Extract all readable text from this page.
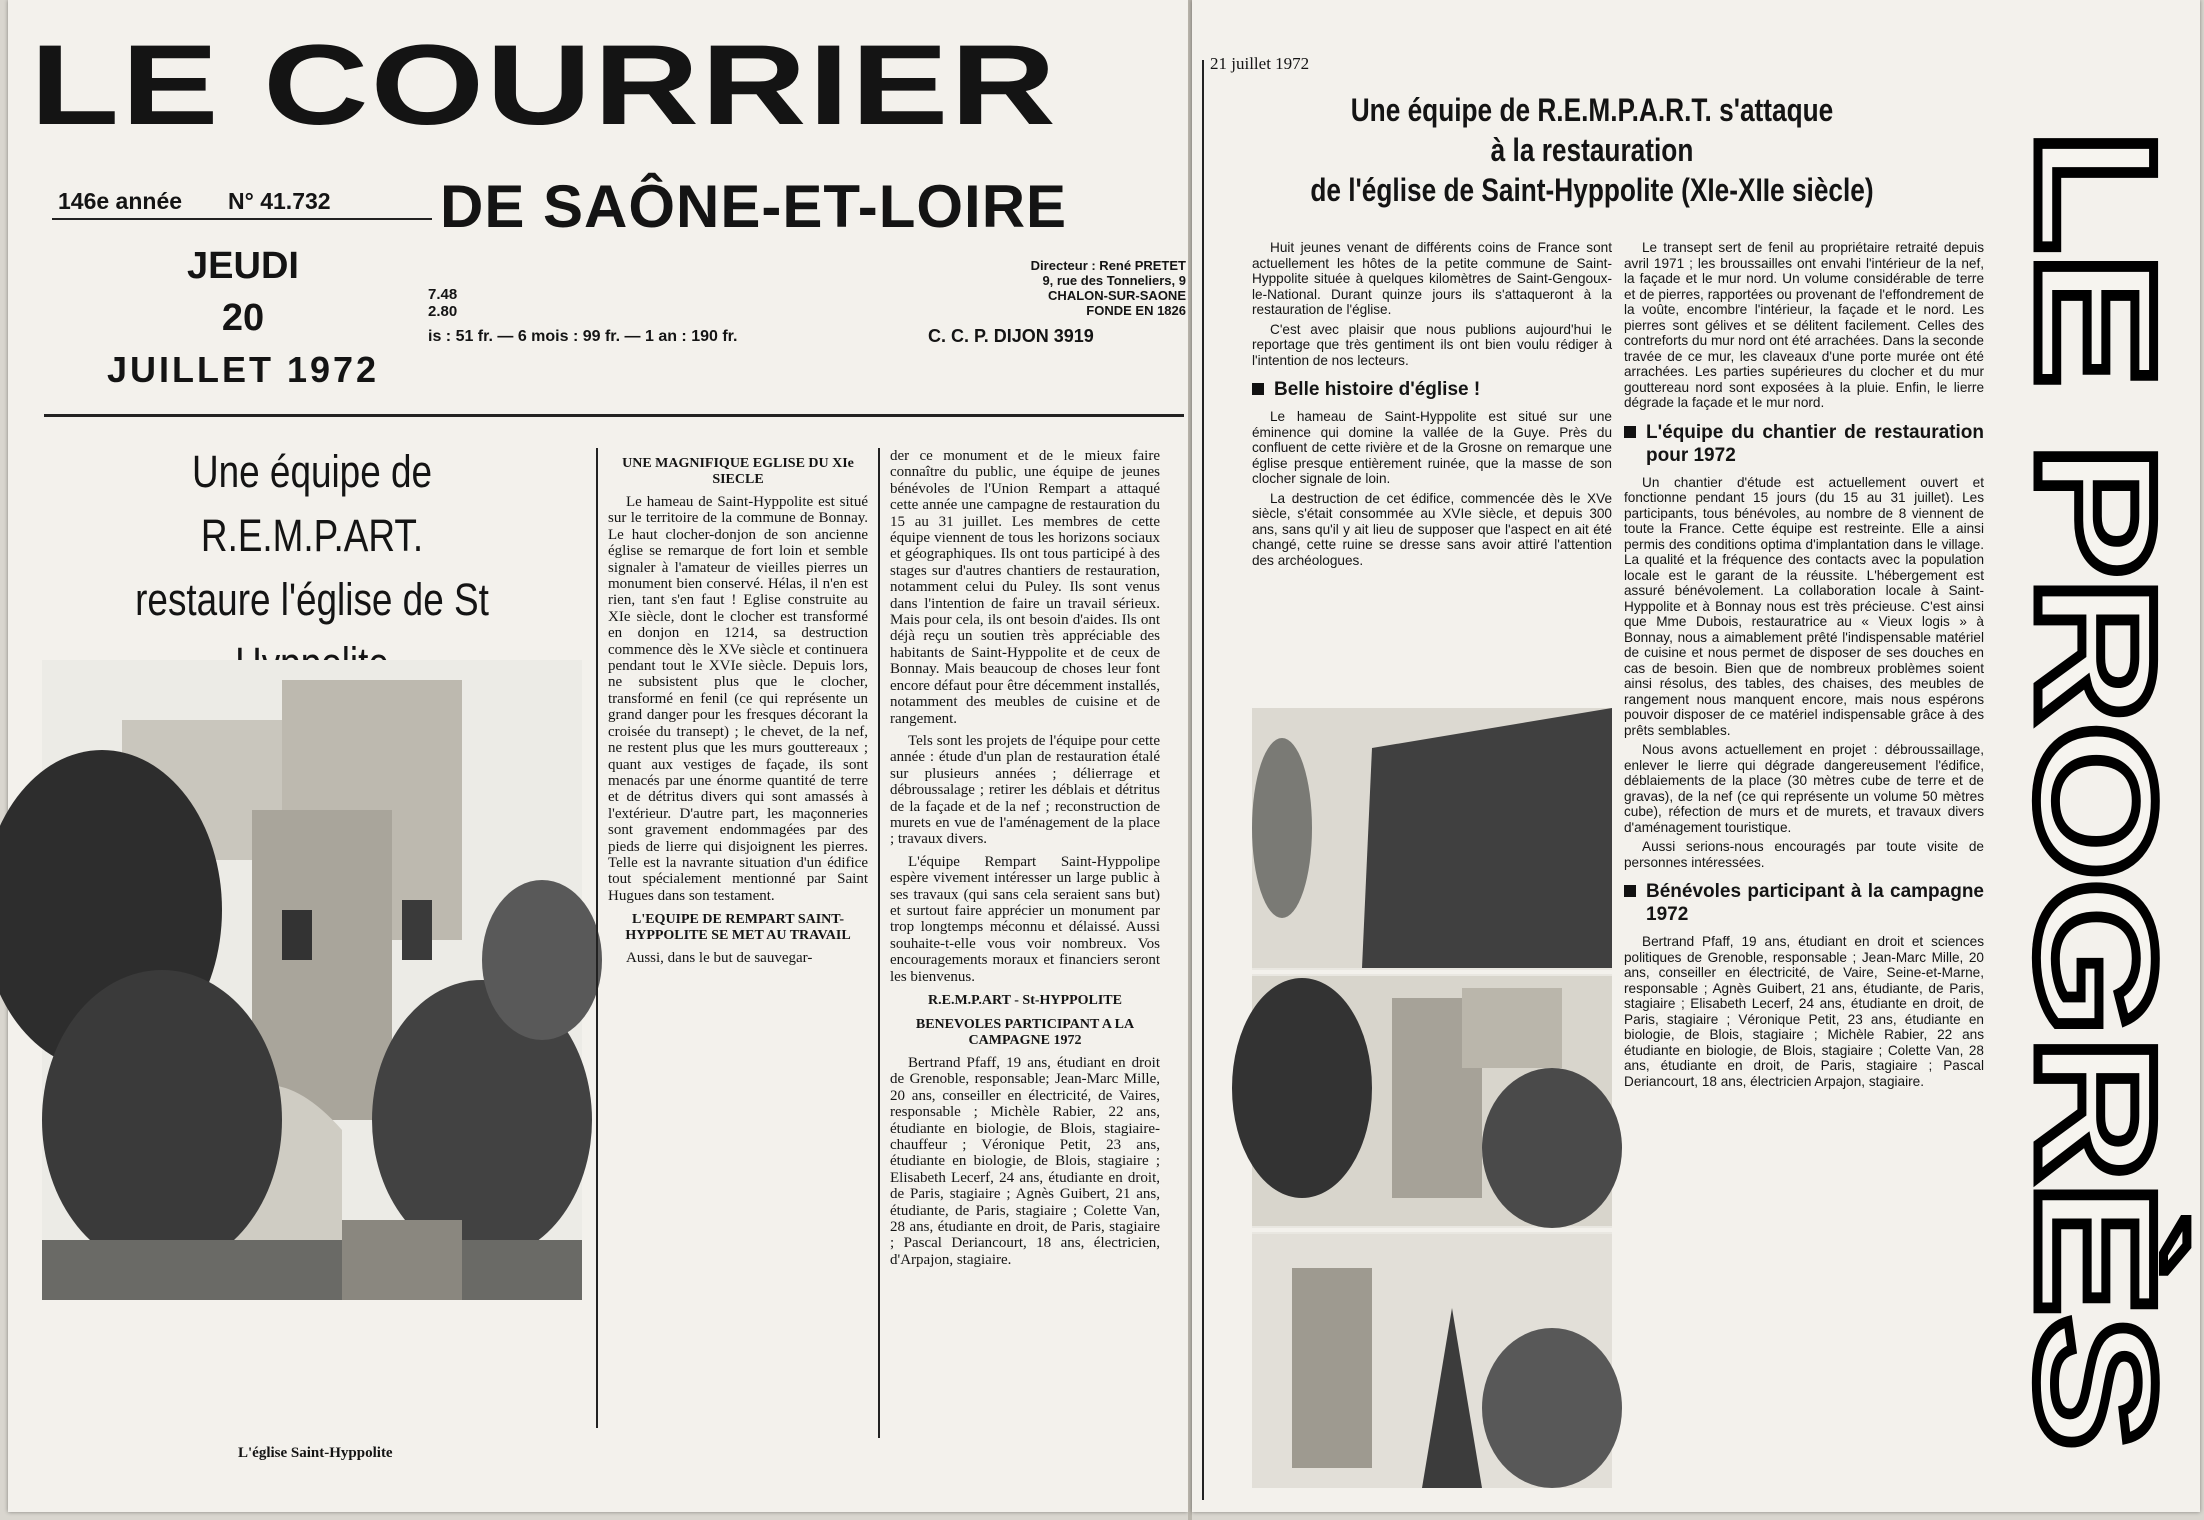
LE COURRIER
146e année N° 41.732 DE SAÔNE-ET-LOIRE
JEUDI
20
JUILLET 1972
7.48
2.80
is : 51 fr. — 6 mois : 99 fr. — 1 an : 190 fr.
Directeur : René PRETET
9, rue des Tonneliers, 9
CHALON-SUR-SAONE
FONDE EN 1826
C. C. P. DIJON 3919
Une équipe de R.E.M.P.ART.
restaure l'église de St
L'église Saint-Hyppolite
UNE MAGNIFIQUE EGLISE DU XIe SIECLE

Le hameau de Saint-Hyppolite est situé sur le territoire de la commune de Bonnay. Le haut clocher-donjon de son ancienne église se remarque de fort loin et semble signaler à l'amateur de vieilles pierres un monument bien conservé. Hélas, il n'en est rien, tant s'en faut ! Eglise construite au XIe siècle, dont le clocher est transformé en donjon en 1214, sa destruction commence dès le XVe siècle et continuera pendant tout le XVIe siècle. Depuis lors, ne subsistent plus que le clocher, transformé en fenil (ce qui représente un grand danger pour les fresques décorant la croisée du transept) ; le chevet, de la nef, ne restent plus que les murs gouttereaux ; quant aux vestiges de façade, ils sont menacés par une énorme quantité de terre et de détritus divers qui sont amassés à l'extérieur. D'autre part, les maçonneries sont gravement endommagées par des pieds de lierre qui disjoignent les pierres. Telle est la navrante situation d'un édifice tout spécialement mentionné par Saint Hugues dans son testament.

L'EQUIPE DE REMPART SAINT-HYPPOLITE SE MET AU TRAVAIL

Aussi, dans le but de sauvegar-

der ce monument et de le mieux faire connaître du public, une équipe de jeunes bénévoles de l'Union Rempart a attaqué cette année une campagne de restauration du 15 au 31 juillet. Les membres de cette équipe viennent de tous les horizons sociaux et géographiques. Ils ont tous participé à des stages sur d'autres chantiers de restauration, notamment celui du Puley. Ils sont venus dans l'intention de faire un travail sérieux. Mais pour cela, ils ont besoin d'aides. Ils ont déjà reçu un soutien très appréciable des habitants de Saint-Hyppolite et de ceux de Bonnay. Mais beaucoup de choses leur font encore défaut pour être décemment installés, notamment des meubles de cuisine et de rangement.

Tels sont les projets de l'équipe pour cette année : étude d'un plan de restauration étalé sur plusieurs années ; délierrage et débroussalage ; retirer les déblais et détritus de la façade et de la nef ; reconstruction de murets en vue de l'aménagement de la place ; travaux divers.

L'équipe Rempart Saint-Hyppolipe espère vivement intéresser un large public à ses travaux (qui sans cela seraient sans but) et surtout faire apprécier un monument par trop longtemps méconnu et délaissé. Aussi souhaite-t-elle vous voir nombreux. Vos encouragements moraux et financiers seront les bienvenus.

R.E.M.P.ART - St-HYPPOLITE
BENEVOLES PARTICIPANT A LA CAMPAGNE 1972

Bertrand Pfaff, 19 ans, étudiant en droit de Grenoble, responsable; Jean-Marc Mille, 20 ans, conseiller en électricité, de Vaires, responsable ; Michèle Rabier, 22 ans, étudiante en biologie, de Blois, stagiaire-chauffeur ; Véronique Petit, 23 ans, étudiante en biologie, de Blois, stagiaire ; Elisabeth Lecerf, 24 ans, étudiante en droit, de Paris, stagiaire ; Agnès Guibert, 21 ans, étudiante, de Paris, stagiaire ; Colette Van, 28 ans, étudiante en droit, de Paris, stagiaire ; Pascal Deriancourt, 18 ans, électricien, d'Arpajon, stagiaire.

21 juillet 1972
Une équipe de R.E.M.P.A.R.T. s'attaque
à la restauration
de l'église de Saint-Hyppolite (XIe-XIIe siècle)

Huit jeunes venant de différents coins de France sont actuellement les hôtes de la petite commune de Saint-Hyppolite située à quelques kilomètres de Saint-Gengoux-le-National. Durant quinze jours ils s'attaqueront à la restauration de l'église.

C'est avec plaisir que nous publions aujourd'hui le reportage que très gentiment ils ont bien voulu rédiger à l'intention de nos lecteurs.

Belle histoire d'église !

Le hameau de Saint-Hyppolite est situé sur une éminence qui domine la vallée de la Guye. Près du confluent de cette rivière et de la Grosne on remarque une église presque entièrement ruinée, que la masse de son clocher signale de loin.

La destruction de cet édifice, commencée dès le XVe siècle, s'était consommée au XVIe siècle, et depuis 300 ans, sans qu'il y ait lieu de supposer que l'aspect en ait été changé, cette ruine se dresse sans avoir attiré l'attention des archéologues.

Le transept sert de fenil au propriétaire retraité depuis avril 1971 ; les broussailles ont envahi l'intérieur de la nef, la façade et le mur nord. Un volume considérable de terre et de pierres, rapportées ou provenant de l'effondrement de la voûte, encombre l'intérieur, la façade et le nord. Les pierres sont gélives et se délitent facilement. Celles des contreforts du mur nord ont été arrachées. Dans la seconde travée de ce mur, les claveaux d'une porte murée ont été arrachées. Les parties supérieures du clocher et du mur gouttereau nord sont exposées à la pluie. Enfin, le lierre dégrade la façade et le mur nord.

L'équipe du chantier de restauration pour 1972

Un chantier d'étude est actuellement ouvert et fonctionne pendant 15 jours (du 15 au 31 juillet). Les participants, tous bénévoles, au nombre de 8 viennent de toute la France. Cette équipe est restreinte. Elle a ainsi permis des conditions optima d'implantation dans le village. La qualité et la fréquence des contacts avec la population locale est le garant de la réussite. L'hébergement est assuré bénévolement. La collaboration locale à Saint-Hyppolite et à Bonnay nous est très précieuse. C'est ainsi que Mme Dubois, restauratrice au « Vieux logis » à Bonnay, nous a aimablement prêté l'indispensable matériel de cuisine et nous permet de disposer de ses douches en cas de besoin. Bien que de nombreux problèmes soient ainsi résolus, des tables, des chaises, des meubles de rangement nous manquent encore, mais nous espérons pouvoir disposer de ce matériel indispensable grâce à des prêts semblables.

Nous avons actuellement en projet : débroussaillage, enlever le lierre qui dégrade dangereusement l'édifice, déblaiements de la place (30 mètres cube de terre et de gravas), de la nef (ce qui représente un volume 50 mètres cube), réfection de murs et de murets, et travaux divers d'aménagement touristique.

Aussi serions-nous encouragés par toute visite de personnes intéressées.

Bénévoles participant à la campagne 1972

Bertrand Pfaff, 19 ans, étudiant en droit et sciences politiques de Grenoble, responsable ; Jean-Marc Mille, 20 ans, conseiller en électricité, de Vaire, Seine-et-Marne, responsable ; Agnès Guibert, 21 ans, étudiante, de Paris, stagiaire ; Elisabeth Lecerf, 24 ans, étudiante en droit, de Paris, stagiaire ; Véronique Petit, 23 ans, étudiante en biologie, de Blois, stagiaire ; Michèle Rabier, 22 ans étudiante en biologie, de Blois, stagiaire ; Colette Van, 28 ans, étudiante en droit, de Paris, stagiaire ; Pascal Deriancourt, 18 ans, électricien Arpajon, stagiaire. LE PROGRÈS
